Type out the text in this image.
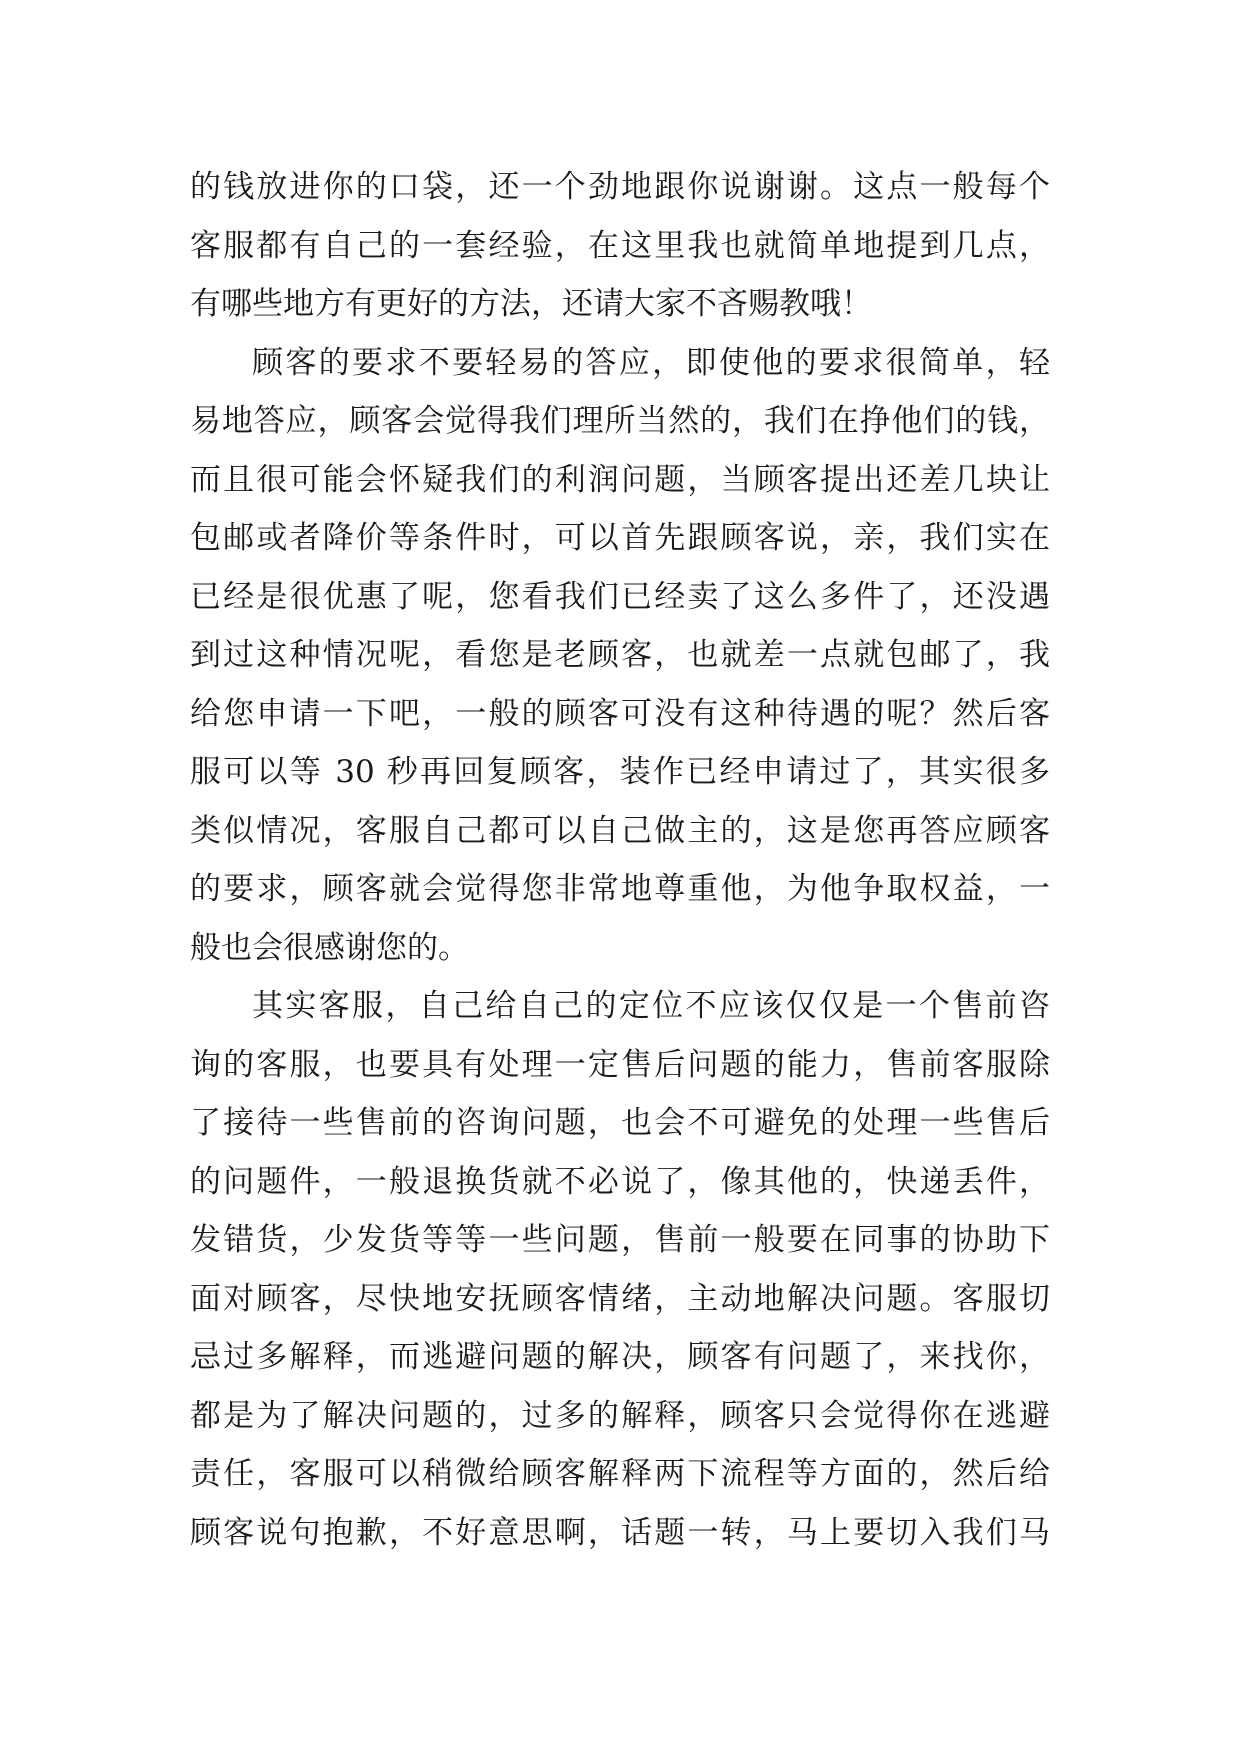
的钱放进你的口袋，还一个劲地跟你说谢谢。这点一般每个
客服都有自己的一套经验，在这里我也就简单地提到几点，
有哪些地方有更好的方法，还请大家不吝赐教哦！
顾客的要求不要轻易的答应，即使他的要求很简单，轻
易地答应，顾客会觉得我们理所当然的，我们在挣他们的钱，
而且很可能会怀疑我们的利润问题，当顾客提出还差几块让
包邮或者降价等条件时，可以首先跟顾客说，亲，我们实在
已经是很优惠了呢，您看我们已经卖了这么多件了，还没遇
到过这种情况呢，看您是老顾客，也就差一点就包邮了，我
给您申请一下吧，一般的顾客可没有这种待遇的呢？然后客
服可以等 30 秒再回复顾客，装作已经申请过了，其实很多
类似情况，客服自己都可以自己做主的，这是您再答应顾客
的要求，顾客就会觉得您非常地尊重他，为他争取权益，一
般也会很感谢您的。
其实客服，自己给自己的定位不应该仅仅是一个售前咨
询的客服，也要具有处理一定售后问题的能力，售前客服除
了接待一些售前的咨询问题，也会不可避免的处理一些售后
的问题件，一般退换货就不必说了，像其他的，快递丢件，
发错货，少发货等等一些问题，售前一般要在同事的协助下
面对顾客，尽快地安抚顾客情绪，主动地解决问题。客服切
忌过多解释，而逃避问题的解决，顾客有问题了，来找你，
都是为了解决问题的，过多的解释，顾客只会觉得你在逃避
责任，客服可以稍微给顾客解释两下流程等方面的，然后给
顾客说句抱歉，不好意思啊，话题一转，马上要切入我们马
